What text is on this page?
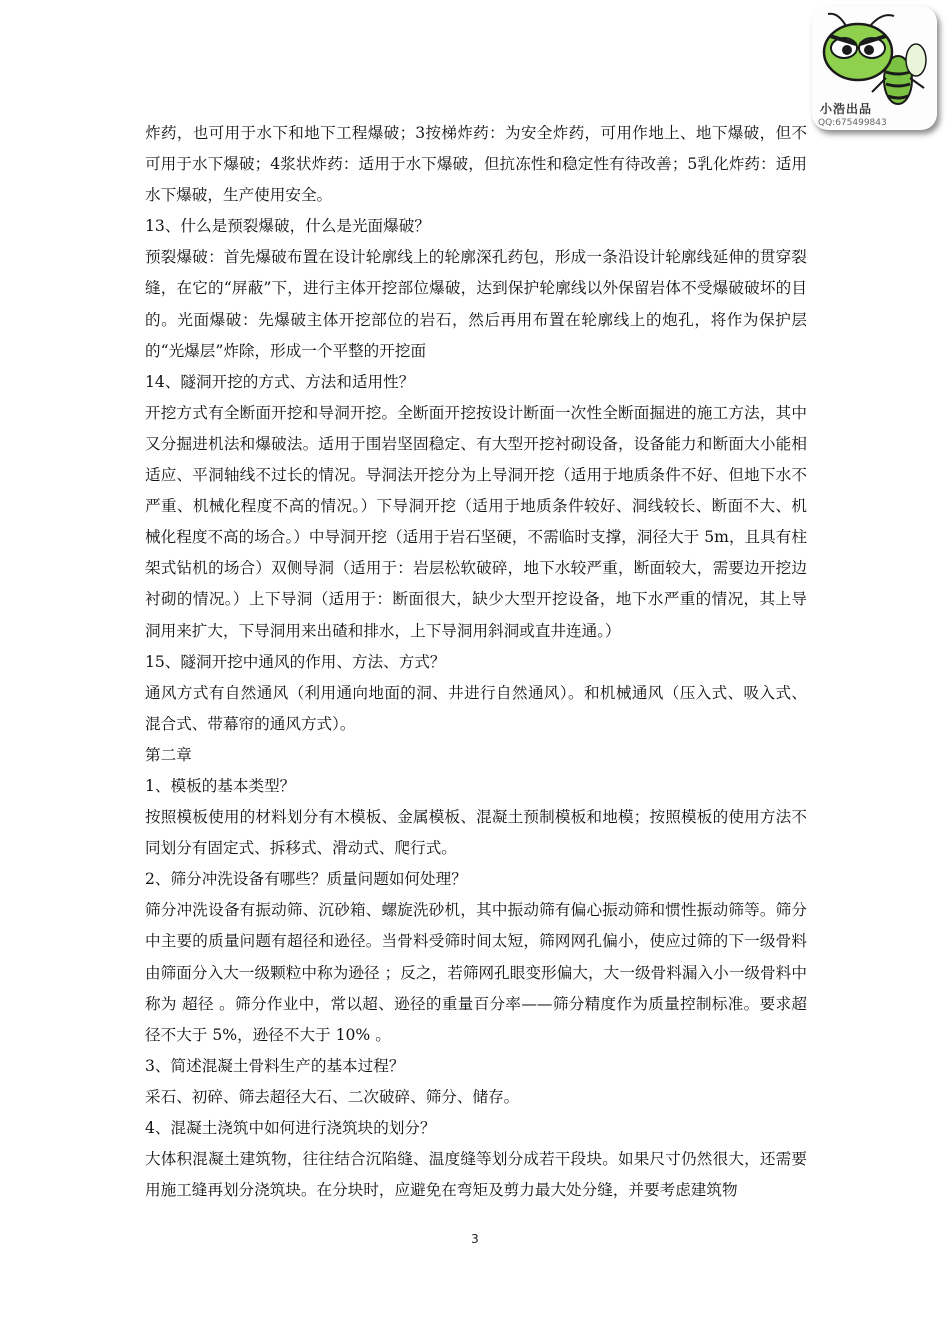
小浩出品
QQ:675499843

炸药，也可用于水下和地下工程爆破；3按梯炸药：为安全炸药，可用作地上、地下爆破，但不可用于水下爆破；4浆状炸药：适用于水下爆破，但抗冻性和稳定性有待改善；5乳化炸药：适用水下爆破，生产使用安全。

13、什么是预裂爆破，什么是光面爆破？

预裂爆破：首先爆破布置在设计轮廓线上的轮廓深孔药包，形成一条沿设计轮廓线延伸的贯穿裂缝，在它的“屏蔽”下，进行主体开挖部位爆破，达到保护轮廓线以外保留岩体不受爆破破坏的目的。光面爆破：先爆破主体开挖部位的岩石，然后再用布置在轮廓线上的炮孔，将作为保护层的“光爆层”炸除，形成一个平整的开挖面

14、隧洞开挖的方式、方法和适用性？

开挖方式有全断面开挖和导洞开挖。全断面开挖按设计断面一次性全断面掘进的施工方法，其中又分掘进机法和爆破法。适用于围岩坚固稳定、有大型开挖衬砌设备，设备能力和断面大小能相适应、平洞轴线不过长的情况。导洞法开挖分为上导洞开挖（适用于地质条件不好、但地下水不严重、机械化程度不高的情况。）下导洞开挖（适用于地质条件较好、洞线较长、断面不大、机械化程度不高的场合。）中导洞开挖（适用于岩石坚硬，不需临时支撑，洞径大于 5m，且具有柱架式钻机的场合）双侧导洞（适用于：岩层松软破碎，地下水较严重，断面较大，需要边开挖边衬砌的情况。）上下导洞（适用于：断面很大，缺少大型开挖设备，地下水严重的情况，其上导洞用来扩大，下导洞用来出碴和排水，上下导洞用斜洞或直井连通。）

15、隧洞开挖中通风的作用、方法、方式？

通风方式有自然通风（利用通向地面的洞、井进行自然通风）。和机械通风（压入式、吸入式、混合式、带幕帘的通风方式）。

第二章

1、模板的基本类型？

按照模板使用的材料划分有木模板、金属模板、混凝土预制模板和地模；按照模板的使用方法不同划分有固定式、拆移式、滑动式、爬行式。

2、筛分冲洗设备有哪些？质量问题如何处理？

筛分冲洗设备有振动筛、沉砂箱、螺旋洗砂机，其中振动筛有偏心振动筛和惯性振动筛等。筛分中主要的质量问题有超径和逊径。当骨料受筛时间太短，筛网网孔偏小，使应过筛的下一级骨料由筛面分入大一级颗粒中称为逊径 ；反之，若筛网孔眼变形偏大，大一级骨料漏入小一级骨料中称为 超径 。筛分作业中，常以超、逊径的重量百分率——筛分精度作为质量控制标准。要求超径不大于 5%，逊径不大于 10% 。

3、简述混凝土骨料生产的基本过程？

采石、初碎、筛去超径大石、二次破碎、筛分、储存。

4、混凝土浇筑中如何进行浇筑块的划分？

大体积混凝土建筑物，往往结合沉陷缝、温度缝等划分成若干段块。如果尺寸仍然很大，还需要用施工缝再划分浇筑块。在分块时，应避免在弯矩及剪力最大处分缝，并要考虑建筑物

3
